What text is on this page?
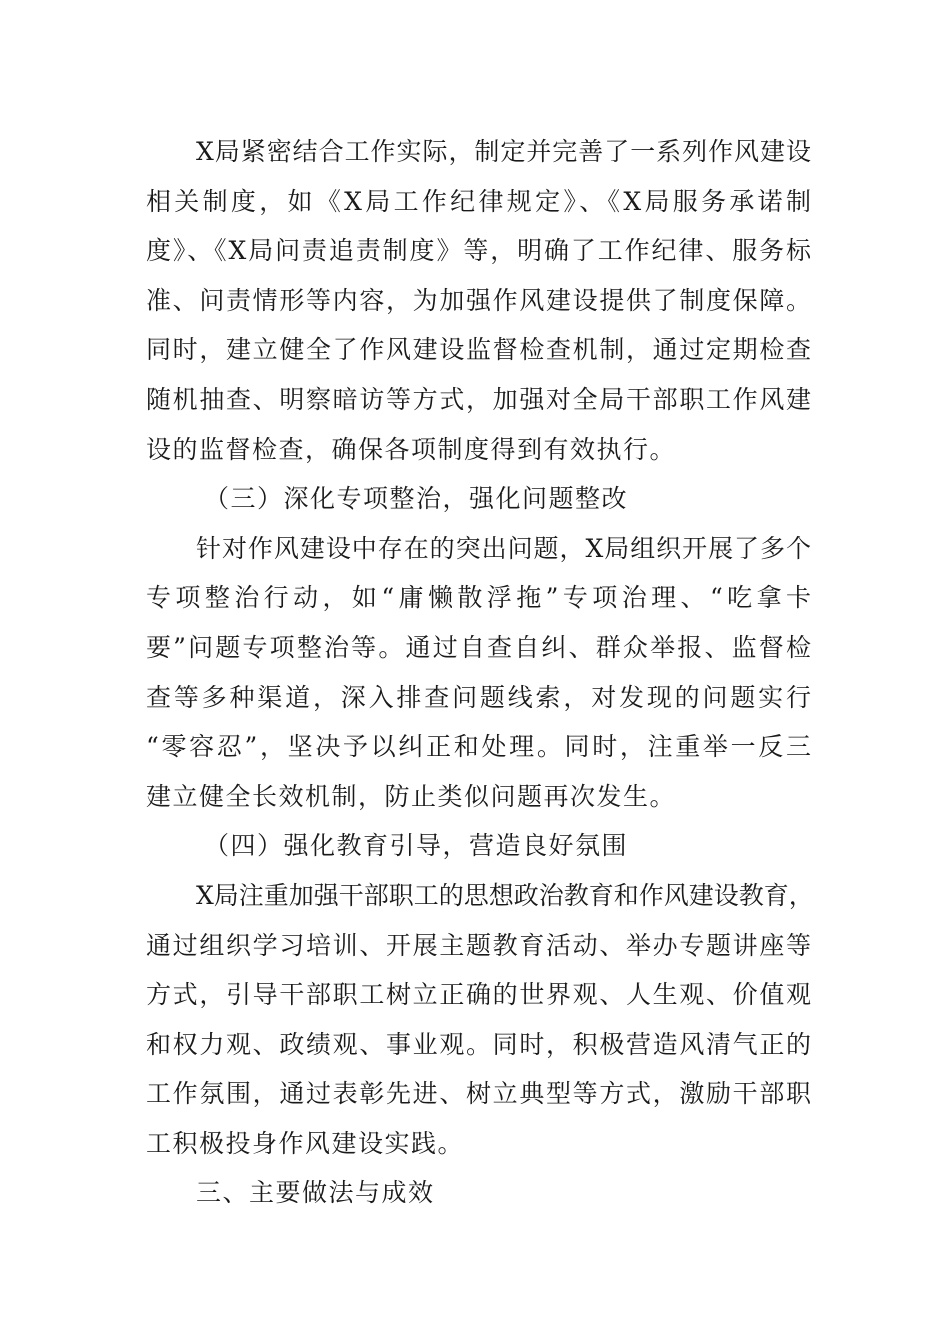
X局紧密结合工作实际，制定并完善了一系列作风建设
相关制度，如《X局工作纪律规定》、《X局服务承诺制
度》、《X局问责追责制度》等，明确了工作纪律、服务标
准、问责情形等内容，为加强作风建设提供了制度保障。
同时，建立健全了作风建设监督检查机制，通过定期检查
随机抽查、明察暗访等方式，加强对全局干部职工作风建
设的监督检查，确保各项制度得到有效执行。
（三）深化专项整治，强化问题整改
针对作风建设中存在的突出问题，X局组织开展了多个
专项整治行动，如“庸懒散浮拖”专项治理、“吃拿卡
要”问题专项整治等。通过自查自纠、群众举报、监督检
查等多种渠道，深入排查问题线索，对发现的问题实行
“零容忍”，坚决予以纠正和处理。同时，注重举一反三
建立健全长效机制，防止类似问题再次发生。
（四）强化教育引导，营造良好氛围
X局注重加强干部职工的思想政治教育和作风建设教育，
通过组织学习培训、开展主题教育活动、举办专题讲座等
方式，引导干部职工树立正确的世界观、人生观、价值观
和权力观、政绩观、事业观。同时，积极营造风清气正的
工作氛围，通过表彰先进、树立典型等方式，激励干部职
工积极投身作风建设实践。
三、主要做法与成效
